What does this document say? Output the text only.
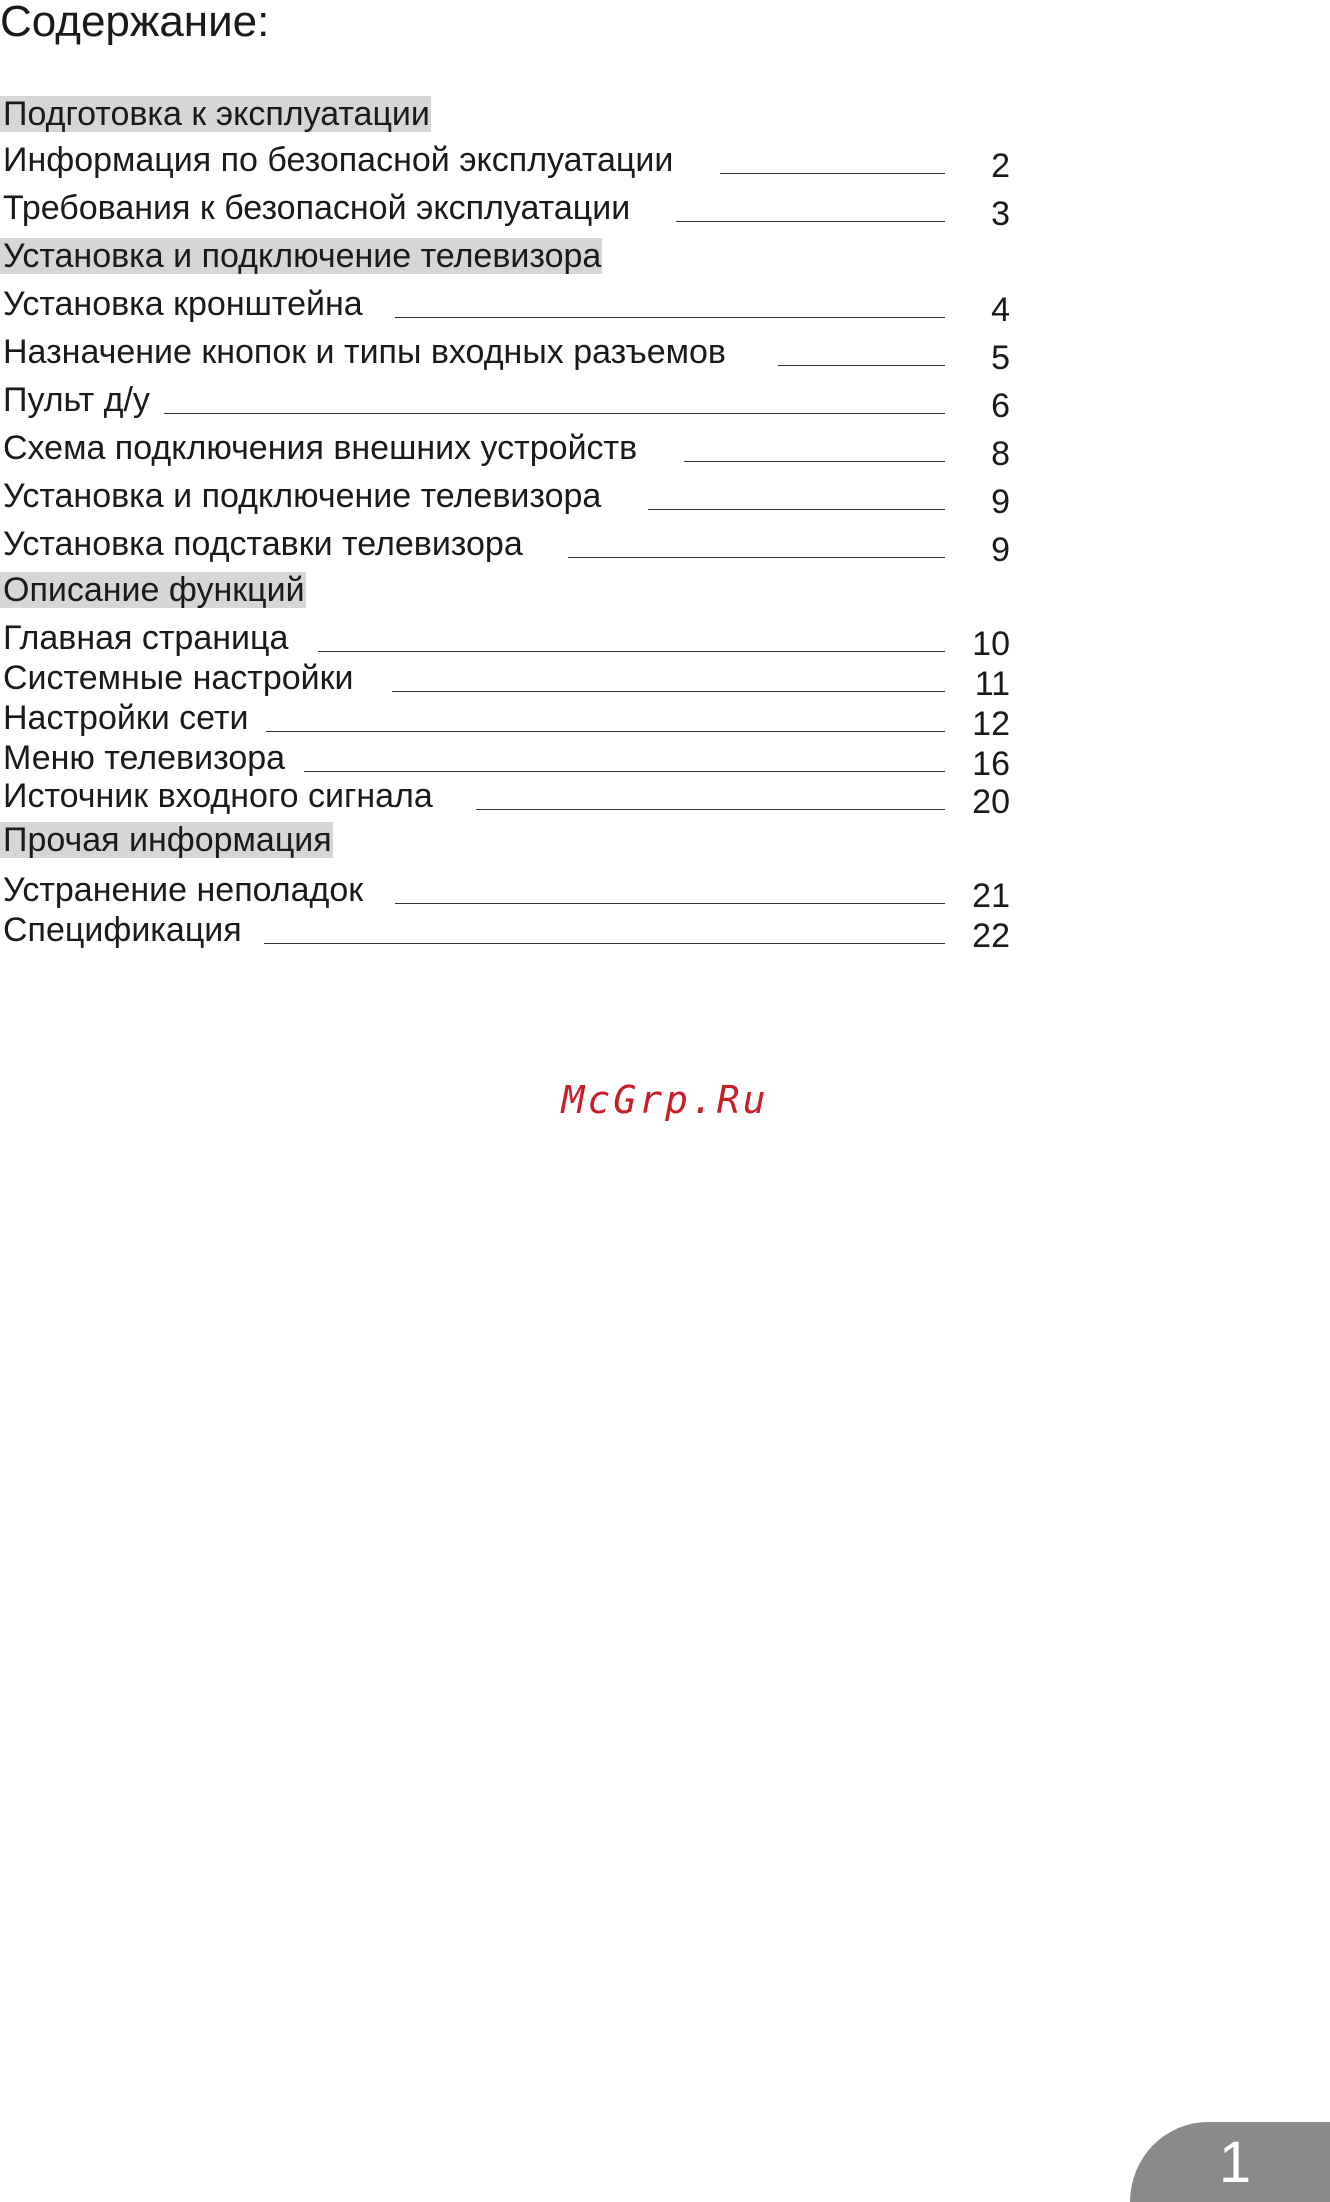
Содержание:
Подготовка к эксплуатации
Информация по безопасной эксплуатации	2
Требования к безопасной эксплуатации	3
Установка и подключение телевизора
Установка кронштейна	4
Назначение кнопок и типы входных разъемов	5
Пульт д/у	6
Схема подключения внешних устройств	8
Установка и подключение телевизора	9
Установка подставки телевизора	9
Описание функций
Главная страница	10
Системные настройки	11
Настройки сети	12
Меню телевизора	16
Источник входного сигнала	20
Прочая информация
Устранение неполадок	21
Спецификация	22
McGrp.Ru
1
